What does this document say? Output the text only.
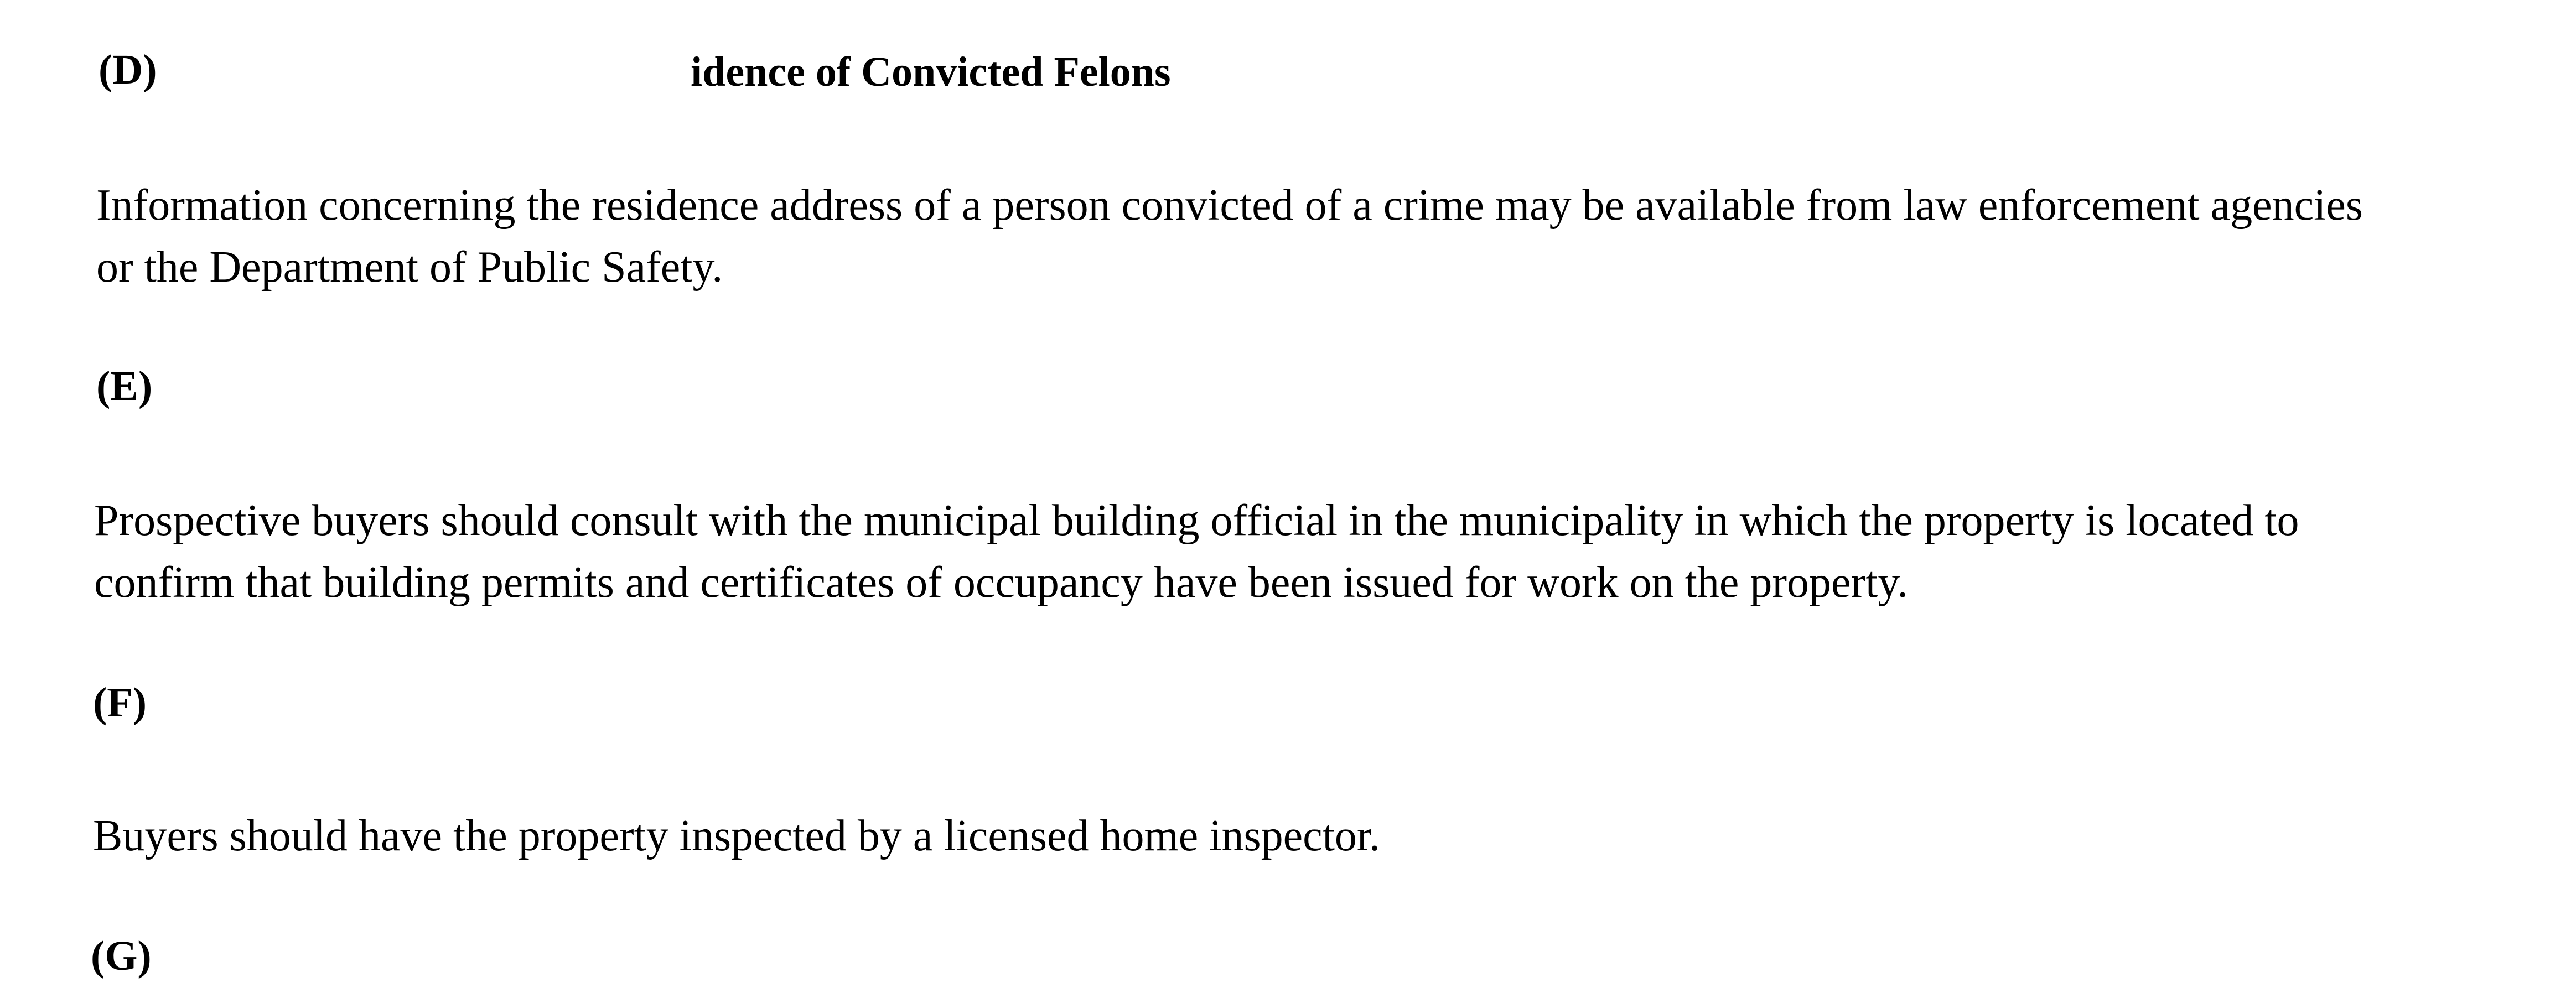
(D)	idence of Convicted Felons
Information concerning the residence address of a person convicted of a crime may be available from law enforcement agencies
or the Department of Public Safety.
(E)
Prospective buyers should consult with the municipal building official in the municipality in which the property is located to
confirm that building permits and certificates of occupancy have been issued for work on the property.
(F)
Buyers should have the property inspected by a licensed home inspector.
(G)
